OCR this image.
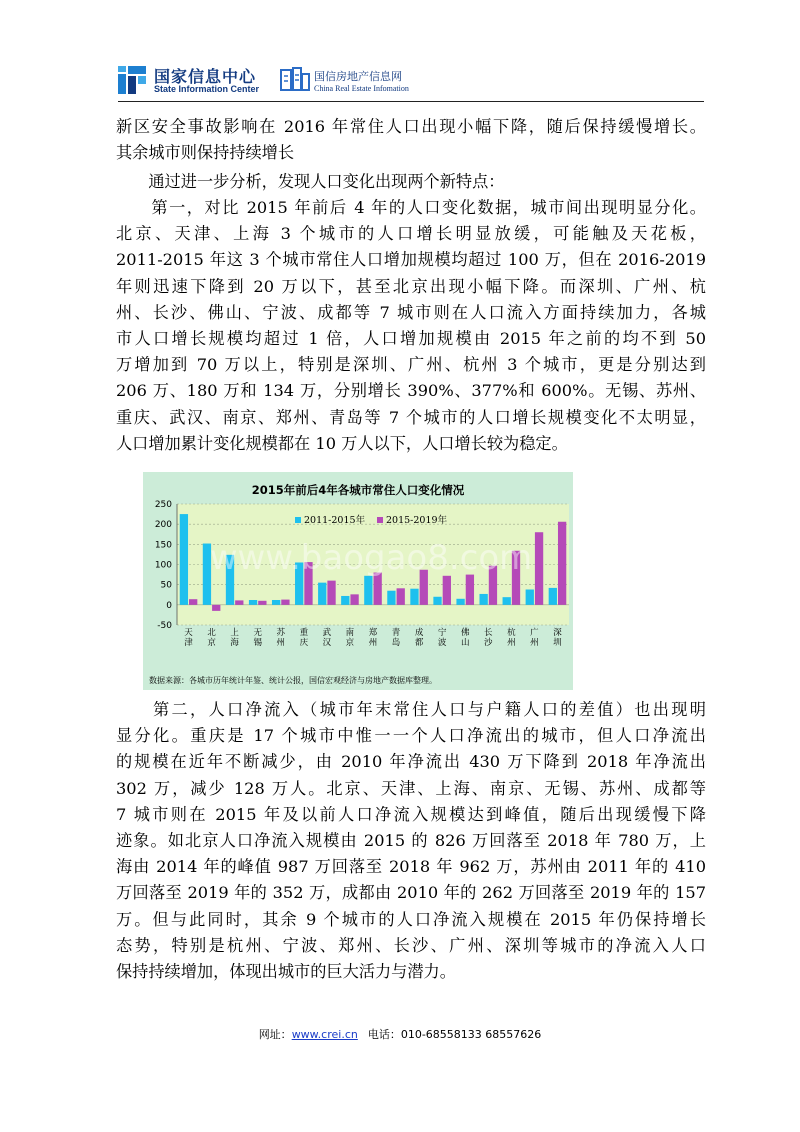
国家信息中心
State Information Center
国信房地产信息网
China Real Estate Infomation
新区安全事故影响在 2016 年常住人口出现小幅下降，随后保持缓慢增长。
其余城市则保持持续增长
　　通过进一步分析，发现人口变化出现两个新特点：
　　第一，对比 2015 年前后 4 年的人口变化数据，城市间出现明显分化。
北京、天津、上海 3 个城市的人口增长明显放缓，可能触及天花板，
2011-2015 年这 3 个城市常住人口增加规模均超过 100 万，但在 2016-2019
年则迅速下降到 20 万以下，甚至北京出现小幅下降。而深圳、广州、杭
州、长沙、佛山、宁波、成都等 7 城市则在人口流入方面持续加力，各城
市人口增长规模均超过 1 倍，人口增加规模由 2015 年之前的均不到 50
万增加到 70 万以上，特别是深圳、广州、杭州 3 个城市，更是分别达到
206 万、180 万和 134 万，分别增长 390%、377%和 600%。无锡、苏州、
重庆、武汉、南京、郑州、青岛等 7 个城市的人口增长规模变化不太明显，
人口增加累计变化规模都在 10 万人以下，人口增长较为稳定。
2015年前后4年各城市常住人口变化情况
250
200
150
100
50
0
-50
天津
北京
上海
无锡
苏州
重庆
武汉
南京
郑州
青岛
成都
宁波
佛山
长沙
杭州
广州
深圳
2011-2015年 2015-2019年
数据来源：各城市历年统计年鉴、统计公报，国信宏观经济与房地产数据库整理。
www.baogao8.com
　　第二，人口净流入（城市年末常住人口与户籍人口的差值）也出现明
显分化。重庆是 17 个城市中惟一一个人口净流出的城市，但人口净流出
的规模在近年不断减少，由 2010 年净流出 430 万下降到 2018 年净流出
302 万，减少 128 万人。北京、天津、上海、南京、无锡、苏州、成都等
7 城市则在 2015 年及以前人口净流入规模达到峰值，随后出现缓慢下降
迹象。如北京人口净流入规模由 2015 的 826 万回落至 2018 年 780 万，上
海由 2014 年的峰值 987 万回落至 2018 年 962 万，苏州由 2011 年的 410
万回落至 2019 年的 352 万，成都由 2010 年的 262 万回落至 2019 年的 157
万。但与此同时，其余 9 个城市的人口净流入规模在 2015 年仍保持增长
态势，特别是杭州、宁波、郑州、长沙、广州、深圳等城市的净流入人口
保持持续增加，体现出城市的巨大活力与潜力。
网址：www.crei.cn 电话：010-68558133 68557626
